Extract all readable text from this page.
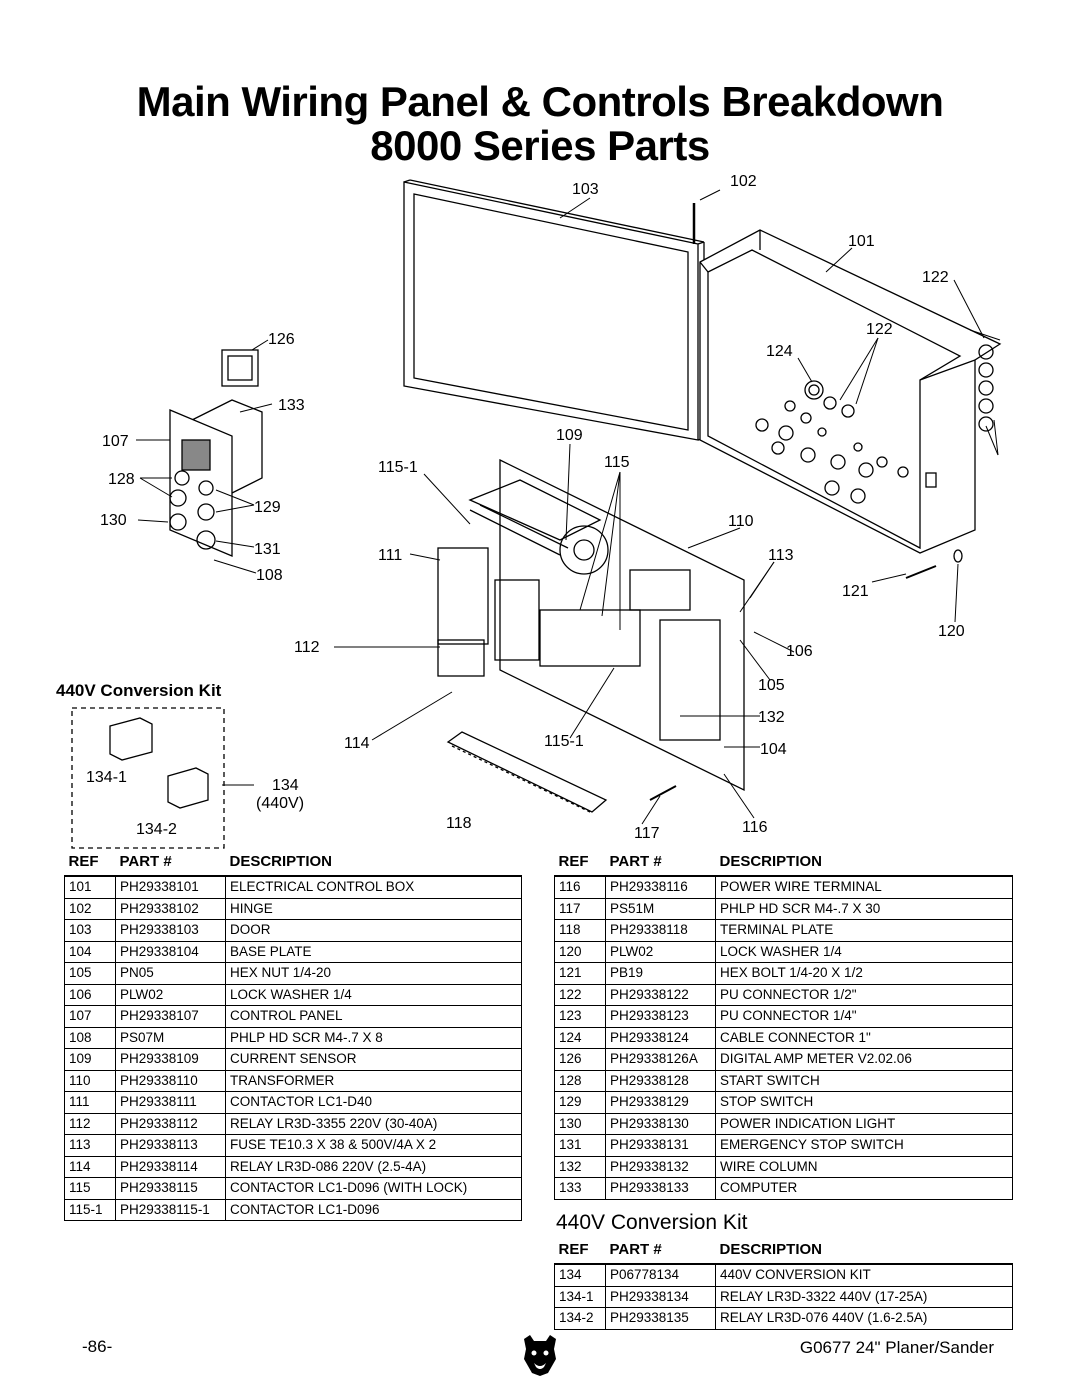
Main Wiring Panel & Controls Breakdown
8000 Series Parts
103	102
101
122
122
124
126
133
107
128
129
130
131
108
109
115
115-1
110
111	113
121
120
112	106
105
132
114	115-1	104
134
(440V)
118
117	116
134-1
134-2
440V Conversion Kit
REF	PART #	DESCRIPTION
101	PH29338101	ELECTRICAL CONTROL BOX
102	PH29338102	HINGE
103	PH29338103	DOOR
104	PH29338104	BASE PLATE
105	PN05	HEX NUT 1/4-20
106	PLW02	LOCK WASHER 1/4
107	PH29338107	CONTROL PANEL
108	PS07M	PHLP HD SCR M4-.7 X 8
109	PH29338109	CURRENT SENSOR
110	PH29338110	TRANSFORMER
111	PH29338111	CONTACTOR LC1-D40
112	PH29338112	RELAY LR3D-3355 220V (30-40A)
113	PH29338113	FUSE TE10.3 X 38 & 500V/4A X 2
114	PH29338114	RELAY LR3D-086 220V (2.5-4A)
115	PH29338115	CONTACTOR LC1-D096 (WITH LOCK)
115-1	PH29338115-1	CONTACTOR LC1-D096
REF	PART #	DESCRIPTION
116	PH29338116	POWER WIRE TERMINAL
117	PS51M	PHLP HD SCR M4-.7 X 30
118	PH29338118	TERMINAL PLATE
120	PLW02	LOCK WASHER 1/4
121	PB19	HEX BOLT 1/4-20 X 1/2
122	PH29338122	PU CONNECTOR 1/2"
123	PH29338123	PU CONNECTOR 1/4"
124	PH29338124	CABLE CONNECTOR 1"
126	PH29338126A	DIGITAL AMP METER V2.02.06
128	PH29338128	START SWITCH
129	PH29338129	STOP SWITCH
130	PH29338130	POWER INDICATION LIGHT
131	PH29338131	EMERGENCY STOP SWITCH
132	PH29338132	WIRE COLUMN
133	PH29338133	COMPUTER
440V Conversion Kit
REF	PART #	DESCRIPTION
134	P06778134	440V CONVERSION KIT
134-1	PH29338134	RELAY LR3D-3322 440V (17-25A)
134-2	PH29338135	RELAY LR3D-076 440V (1.6-2.5A)
-86-	G0677 24" Planer/Sander
